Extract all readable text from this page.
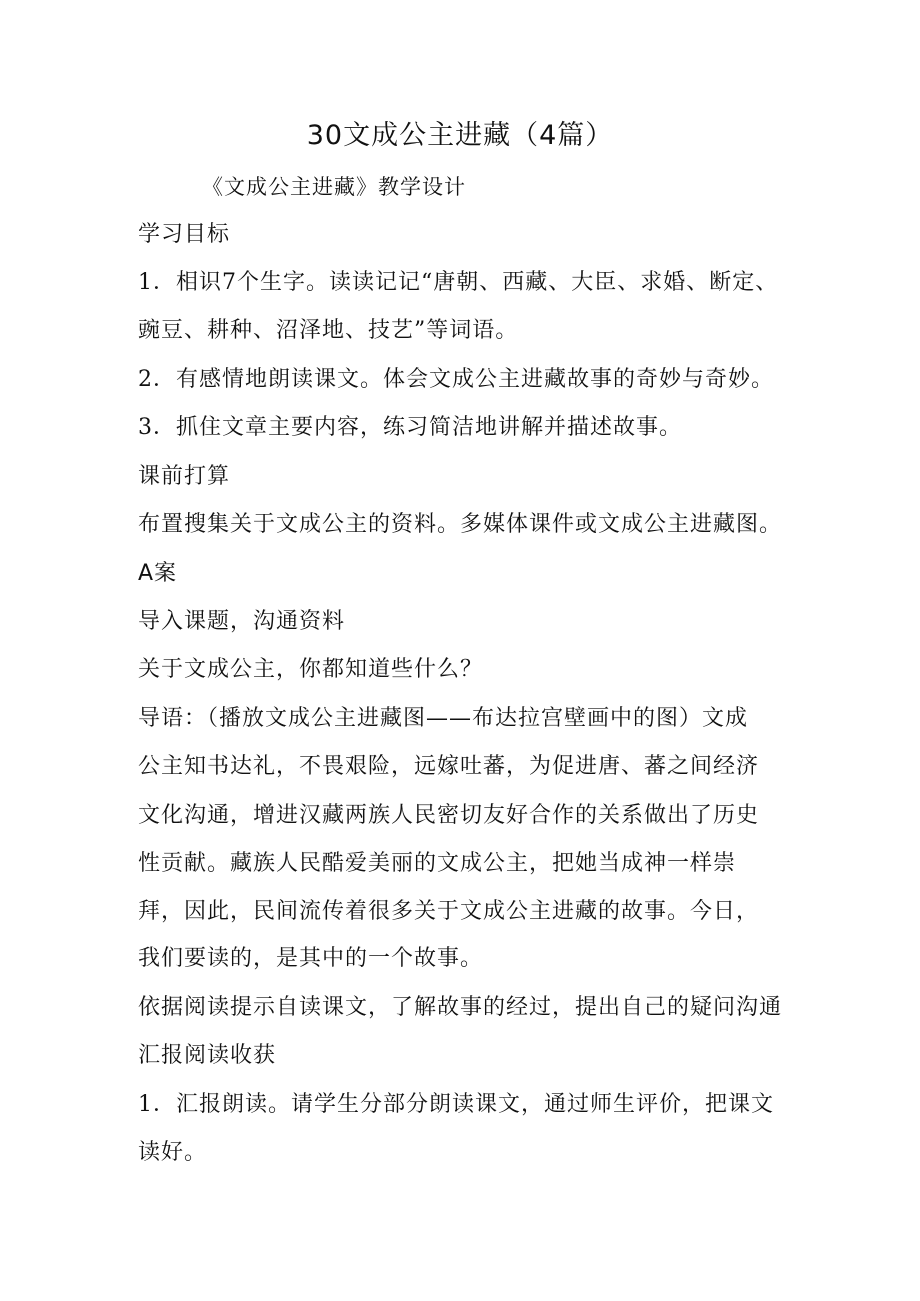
30文成公主进藏（4篇）
《文成公主进藏》教学设计
学习目标
1．相识7个生字。读读记记“唐朝、西藏、大臣、求婚、断定、
豌豆、耕种、沼泽地、技艺”等词语。
2．有感情地朗读课文。体会文成公主进藏故事的奇妙与奇妙。
3．抓住文章主要内容，练习简洁地讲解并描述故事。
课前打算
布置搜集关于文成公主的资料。多媒体课件或文成公主进藏图。
A案
导入课题，沟通资料
关于文成公主，你都知道些什么？
导语：（播放文成公主进藏图——布达拉宫壁画中的图）文成
公主知书达礼，不畏艰险，远嫁吐蕃，为促进唐、蕃之间经济
文化沟通，增进汉藏两族人民密切友好合作的关系做出了历史
性贡献。藏族人民酷爱美丽的文成公主，把她当成神一样崇
拜，因此，民间流传着很多关于文成公主进藏的故事。今日，
我们要读的，是其中的一个故事。
依据阅读提示自读课文，了解故事的经过，提出自己的疑问沟通
汇报阅读收获
1．汇报朗读。请学生分部分朗读课文，通过师生评价，把课文
读好。
